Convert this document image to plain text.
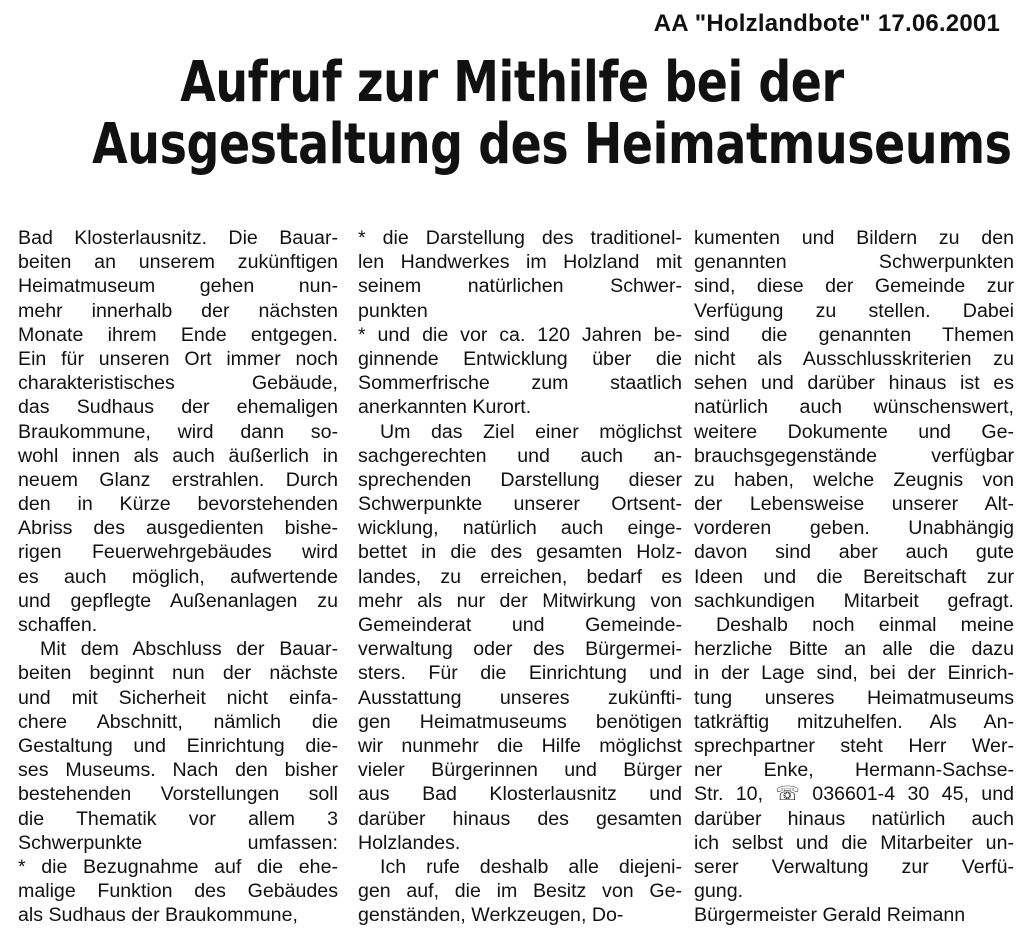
AA "Holzlandbote" 17.06.2001
Aufruf zur Mithilfe bei der
Ausgestaltung des Heimatmuseums
Bad Klosterlausnitz. Die Bauar-
beiten an unserem zukünftigen
Heimatmuseum gehen nun-
mehr innerhalb der nächsten
Monate ihrem Ende entgegen.
Ein für unseren Ort immer noch
charakteristisches Gebäude,
das Sudhaus der ehemaligen
Braukommune, wird dann so-
wohl innen als auch äußerlich in
neuem Glanz erstrahlen. Durch
den in Kürze bevorstehenden
Abriss des ausgedienten bishe-
rigen Feuerwehrgebäudes wird
es auch möglich, aufwertende
und gepflegte Außenanlagen zu
schaffen.
Mit dem Abschluss der Bauar-
beiten beginnt nun der nächste
und mit Sicherheit nicht einfa-
chere Abschnitt, nämlich die
Gestaltung und Einrichtung die-
ses Museums. Nach den bisher
bestehenden Vorstellungen soll
die Thematik vor allem 3
Schwerpunkte umfassen:
* die Bezugnahme auf die ehe-
malige Funktion des Gebäudes
als Sudhaus der Braukommune,
* die Darstellung des traditionel-
len Handwerkes im Holzland mit
seinem natürlichen Schwer-
punkten
* und die vor ca. 120 Jahren be-
ginnende Entwicklung über die
Sommerfrische zum staatlich
anerkannten Kurort.
Um das Ziel einer möglichst
sachgerechten und auch an-
sprechenden Darstellung dieser
Schwerpunkte unserer Ortsent-
wicklung, natürlich auch einge-
bettet in die des gesamten Holz-
landes, zu erreichen, bedarf es
mehr als nur der Mitwirkung von
Gemeinderat und Gemeinde-
verwaltung oder des Bürgermei-
sters. Für die Einrichtung und
Ausstattung unseres zukünfti-
gen Heimatmuseums benötigen
wir nunmehr die Hilfe möglichst
vieler Bürgerinnen und Bürger
aus Bad Klosterlausnitz und
darüber hinaus des gesamten
Holzlandes.
Ich rufe deshalb alle diejeni-
gen auf, die im Besitz von Ge-
genständen, Werkzeugen, Do-
kumenten und Bildern zu den
genannten Schwerpunkten
sind, diese der Gemeinde zur
Verfügung zu stellen. Dabei
sind die genannten Themen
nicht als Ausschlusskriterien zu
sehen und darüber hinaus ist es
natürlich auch wünschenswert,
weitere Dokumente und Ge-
brauchsgegenstände verfügbar
zu haben, welche Zeugnis von
der Lebensweise unserer Alt-
vorderen geben. Unabhängig
davon sind aber auch gute
Ideen und die Bereitschaft zur
sachkundigen Mitarbeit gefragt.
Deshalb noch einmal meine
herzliche Bitte an alle die dazu
in der Lage sind, bei der Einrich-
tung unseres Heimatmuseums
tatkräftig mitzuhelfen. Als An-
sprechpartner steht Herr Wer-
ner Enke, Hermann-Sachse-
Str. 10, ☏ 036601-4 30 45, und
darüber hinaus natürlich auch
ich selbst und die Mitarbeiter un-
serer Verwaltung zur Verfü-
gung.
Bürgermeister Gerald Reimann
